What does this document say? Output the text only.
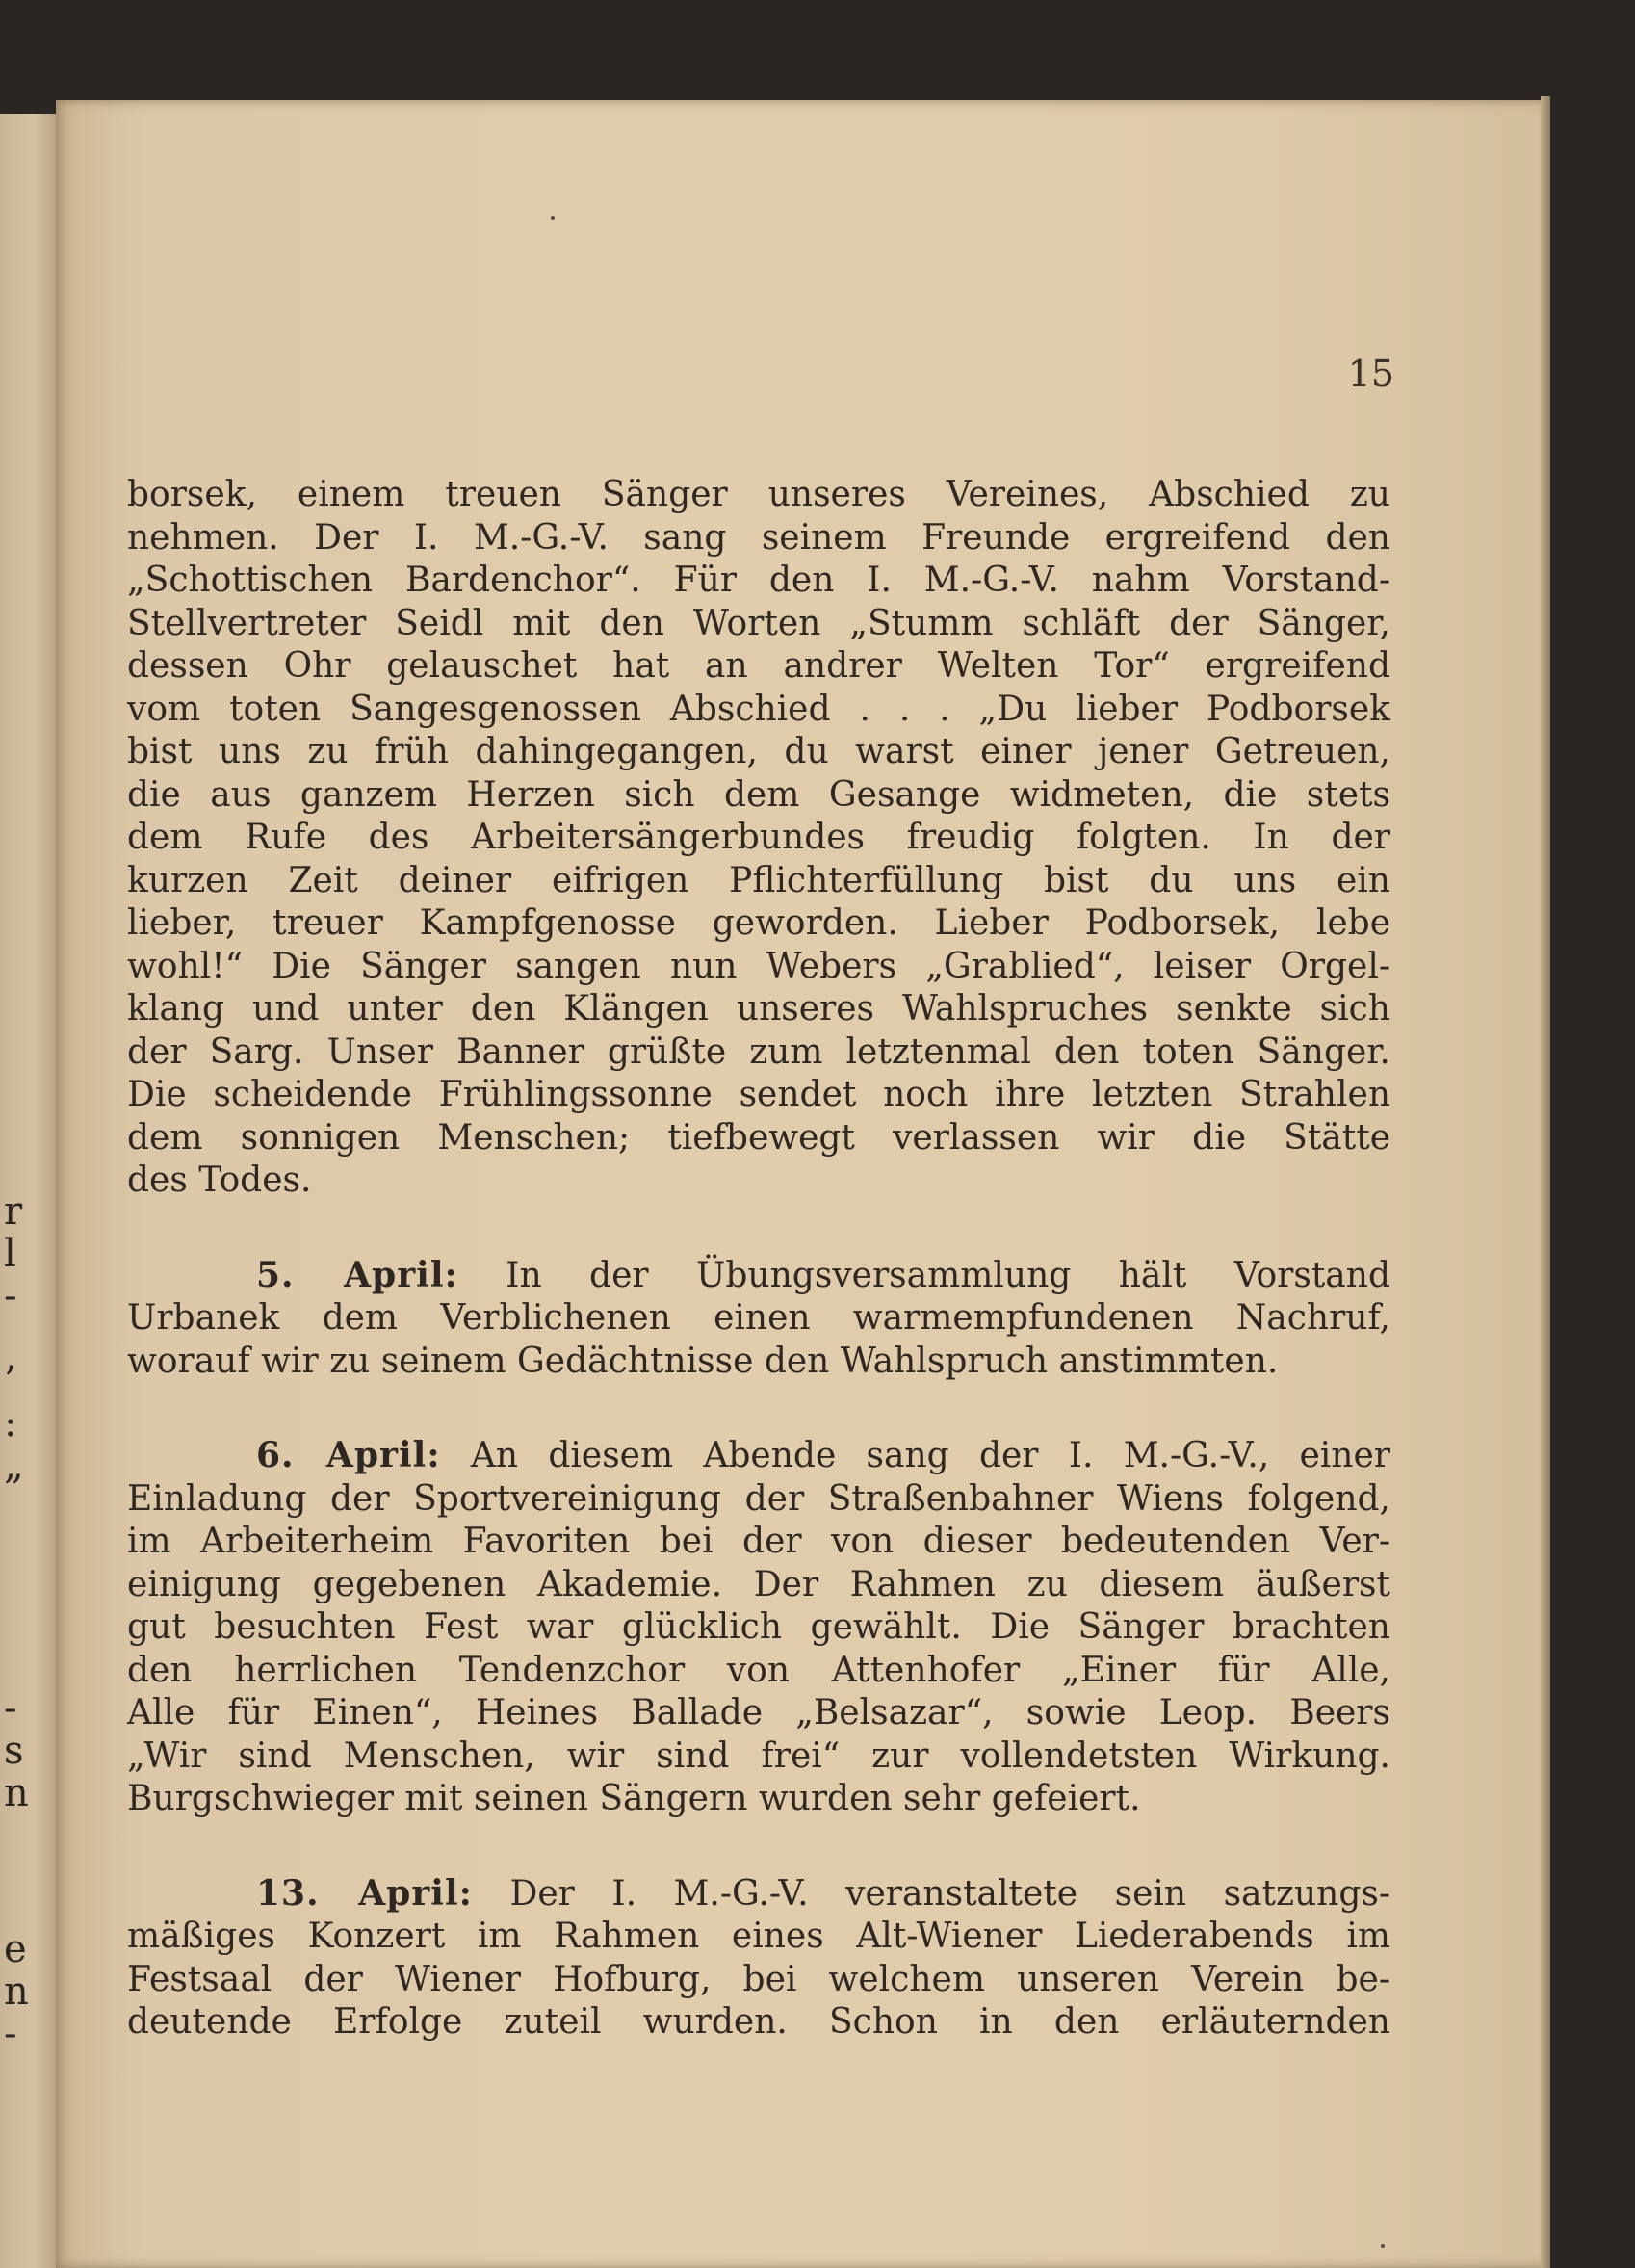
r
l
-
’
:
„
-
s
n
e
n
-

15

borsek, einem treuen Sänger unseres Vereines, Abschied zu
nehmen. Der I. M.-G.-V. sang seinem Freunde ergreifend den
„Schottischen Bardenchor“. Für den I. M.-G.-V. nahm Vorstand-
Stellvertreter Seidl mit den Worten „Stumm schläft der Sänger,
dessen Ohr gelauschet hat an andrer Welten Tor“ ergreifend
vom toten Sangesgenossen Abschied . . . „Du lieber Podborsek
bist uns zu früh dahingegangen, du warst einer jener Getreuen,
die aus ganzem Herzen sich dem Gesange widmeten, die stets
dem Rufe des Arbeitersängerbundes freudig folgten. In der
kurzen Zeit deiner eifrigen Pflichterfüllung bist du uns ein
lieber, treuer Kampfgenosse geworden. Lieber Podborsek, lebe
wohl!“ Die Sänger sangen nun Webers „Grablied“, leiser Orgel-
klang und unter den Klängen unseres Wahlspruches senkte sich
der Sarg. Unser Banner grüßte zum letztenmal den toten Sänger.
Die scheidende Frühlingssonne sendet noch ihre letzten Strahlen
dem sonnigen Menschen; tiefbewegt verlassen wir die Stätte
des Todes.

5. April: In der Übungsversammlung hält Vorstand
Urbanek dem Verblichenen einen warmempfundenen Nachruf,
worauf wir zu seinem Gedächtnisse den Wahlspruch anstimmten.

6. April: An diesem Abende sang der I. M.-G.-V., einer
Einladung der Sportvereinigung der Straßenbahner Wiens folgend,
im Arbeiterheim Favoriten bei der von dieser bedeutenden Ver-
einigung gegebenen Akademie. Der Rahmen zu diesem äußerst
gut besuchten Fest war glücklich gewählt. Die Sänger brachten
den herrlichen Tendenzchor von Attenhofer „Einer für Alle,
Alle für Einen“, Heines Ballade „Belsazar“, sowie Leop. Beers
„Wir sind Menschen, wir sind frei“ zur vollendetsten Wirkung.
Burgschwieger mit seinen Sängern wurden sehr gefeiert.

13. April: Der I. M.-G.-V. veranstaltete sein satzungs-
mäßiges Konzert im Rahmen eines Alt-Wiener Liederabends im
Festsaal der Wiener Hofburg, bei welchem unseren Verein be-
deutende Erfolge zuteil wurden. Schon in den erläuternden
